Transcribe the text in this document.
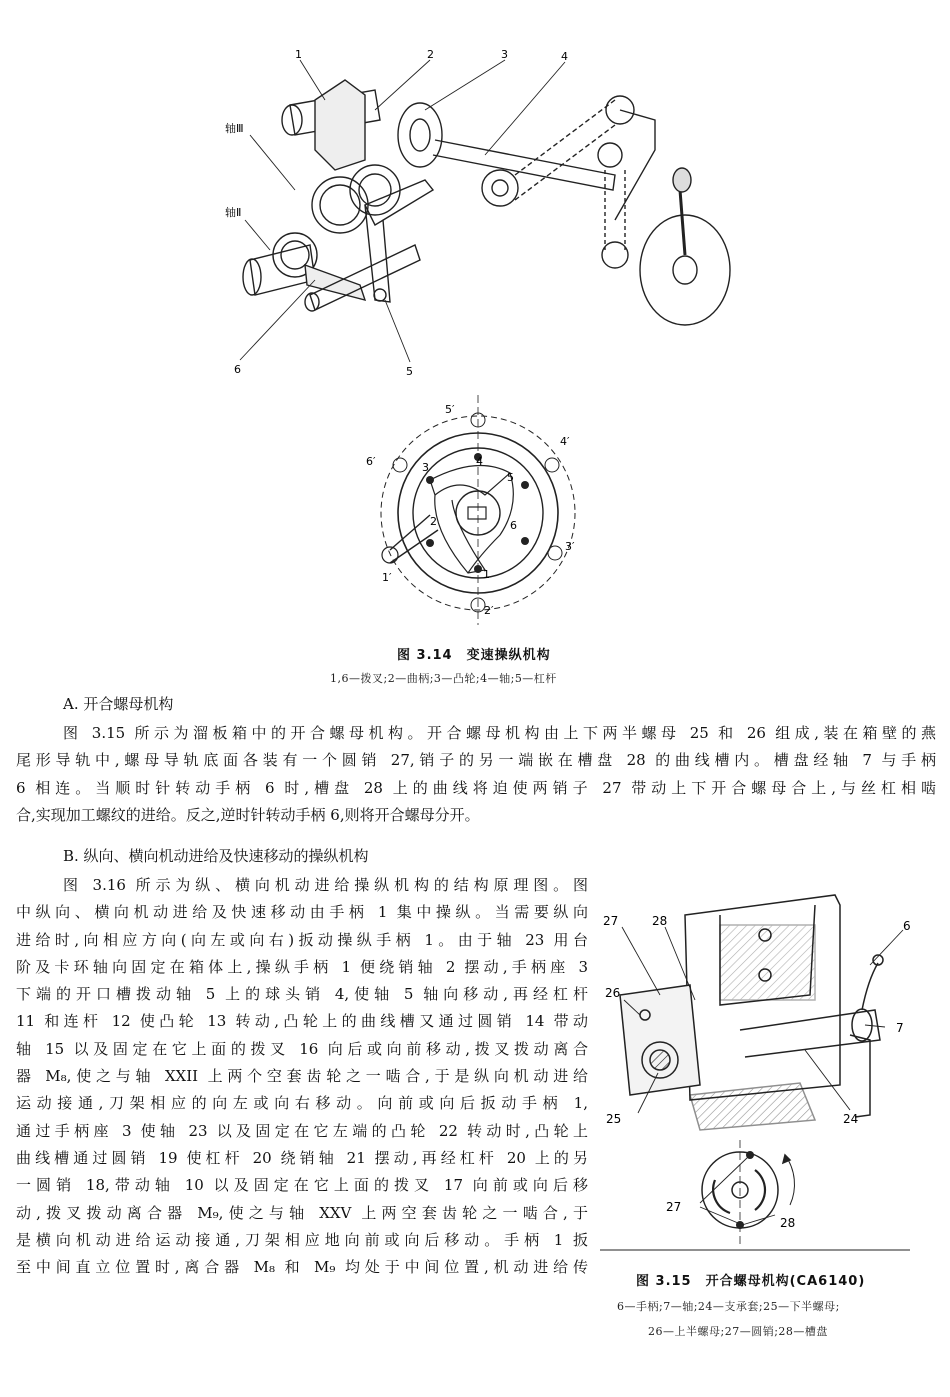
1	2	3	4
5
6
轴Ⅲ
轴Ⅱ
1
2
3	4
5
6
1′
2′
3′
4′
5′
6′
图 3.14　变速操纵机构
1,6—拨叉;2—曲柄;3—凸轮;4—轴;5—杠杆
A. 开合螺母机构
图 3.15 所示为溜板箱中的开合螺母机构。开合螺母机构由上下两半螺母 25 和 26 组成,装在箱壁的燕
尾形导轨中,螺母导轨底面各装有一个圆销 27,销子的另一端嵌在槽盘 28 的曲线槽内。槽盘经轴 7 与手柄
6 相连。当顺时针转动手柄 6 时,槽盘 28 上的曲线将迫使两销子 27 带动上下开合螺母合上,与丝杠相啮
合,实现加工螺纹的进给。反之,逆时针转动手柄 6,则将开合螺母分开。
B. 纵向、横向机动进给及快速移动的操纵机构
图 3.16 所示为纵、横向机动进给操纵机构的结构原理图。图
中纵向、横向机动进给及快速移动由手柄 1 集中操纵。当需要纵向
进给时,向相应方向(向左或向右)扳动操纵手柄 1。由于轴 23 用台
阶及卡环轴向固定在箱体上,操纵手柄 1 便绕销轴 2 摆动,手柄座 3
下端的开口槽拨动轴 5 上的球头销 4,使轴 5 轴向移动,再经杠杆
11 和连杆 12 使凸轮 13 转动,凸轮上的曲线槽又通过圆销 14 带动
轴 15 以及固定在它上面的拨叉 16 向后或向前移动,拨叉拨动离合
器 M₈,使之与轴 XXII 上两个空套齿轮之一啮合,于是纵向机动进给
运动接通,刀架相应的向左或向右移动。向前或向后扳动手柄 1,
通过手柄座 3 使轴 23 以及固定在它左端的凸轮 22 转动时,凸轮上
曲线槽通过圆销 19 使杠杆 20 绕销轴 21 摆动,再经杠杆 20 上的另
一圆销 18,带动轴 10 以及固定在它上面的拨叉 17 向前或向后移
动,拨叉拨动离合器 M₉,使之与轴 XXV 上两空套齿轮之一啮合,于
是横向机动进给运动接通,刀架相应地向前或向后移动。手柄 1 扳
至中间直立位置时,离合器 M₈ 和 M₉ 均处于中间位置,机动进给传
27	28	6
26
7
25	24
27
28
图 3.15　开合螺母机构(CA6140)
6—手柄;7—轴;24—支承套;25—下半螺母;
26—上半螺母;27—圆销;28—槽盘
